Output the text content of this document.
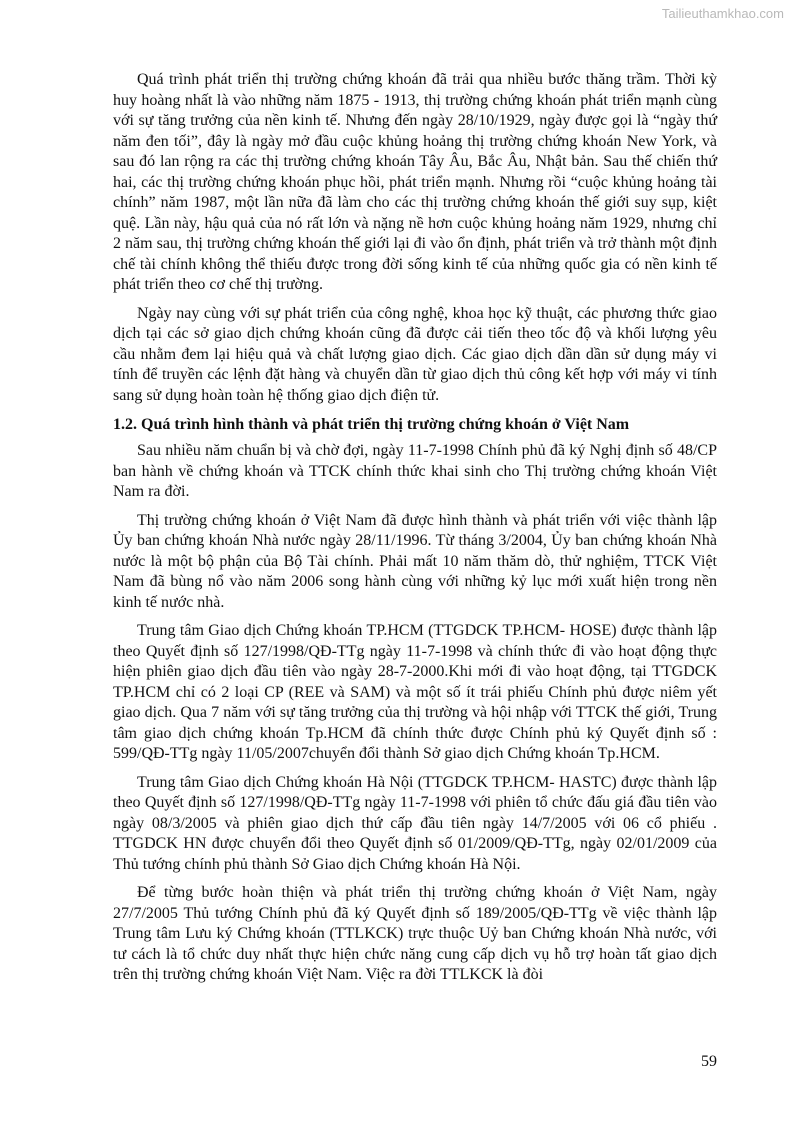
Tailieuthamkhao.com

Quá trình phát triển thị trường chứng khoán đã trải qua nhiều bước thăng trầm. Thời kỳ huy hoàng nhất là vào những năm 1875 - 1913, thị trường chứng khoán phát triển mạnh cùng với sự tăng trưởng của nền kinh tế. Nhưng đến ngày 28/10/1929, ngày được gọi là “ngày thứ năm đen tối”, đây là ngày mở đầu cuộc khủng hoảng thị trường chứng khoán New York, và sau đó lan rộng ra các thị trường chứng khoán Tây Âu, Bắc Âu, Nhật bản. Sau thế chiến thứ hai, các thị trường chứng khoán phục hồi, phát triển mạnh. Nhưng rồi “cuộc khủng hoảng tài chính” năm 1987, một lần nữa đã làm cho các thị trường chứng khoán thế giới suy sụp, kiệt quệ. Lần này, hậu quả của nó rất lớn và nặng nề hơn cuộc khủng hoảng năm 1929, nhưng chỉ 2 năm sau, thị trường chứng khoán thế giới lại đi vào ổn định, phát triển và trở thành một định chế tài chính không thể thiếu được trong đời sống kinh tế của những quốc gia có nền kinh tế phát triển theo cơ chế thị trường.

Ngày nay cùng với sự phát triển của công nghệ, khoa học kỹ thuật, các phương thức giao dịch tại các sở giao dịch chứng khoán cũng đã được cải tiến theo tốc độ và khối lượng yêu cầu nhằm đem lại hiệu quả và chất lượng giao dịch. Các giao dịch dần dần sử dụng máy vi tính để truyền các lệnh đặt hàng và chuyển dần từ giao dịch thủ công kết hợp với máy vi tính sang sử dụng hoàn toàn hệ thống giao dịch điện tử.

1.2. Quá trình hình thành và phát triển thị trường chứng khoán ở Việt Nam

Sau nhiều năm chuẩn bị và chờ đợi, ngày 11-7-1998 Chính phủ đã ký Nghị định số 48/CP ban hành về chứng khoán và TTCK chính thức khai sinh cho Thị trường chứng khoán Việt Nam ra đời.

Thị trường chứng khoán ở Việt Nam đã được hình thành và phát triển với việc thành lập Ủy ban chứng khoán Nhà nước ngày 28/11/1996. Từ tháng 3/2004, Ủy ban chứng khoán Nhà nước là một bộ phận của Bộ Tài chính. Phải mất 10 năm thăm dò, thử nghiệm, TTCK Việt Nam đã bùng nổ vào năm 2006 song hành cùng với những kỷ lục mới xuất hiện trong nền kinh tế nước nhà.

Trung tâm Giao dịch Chứng khoán TP.HCM (TTGDCK TP.HCM- HOSE) được thành lập theo Quyết định số 127/1998/QĐ-TTg ngày 11-7-1998 và chính thức đi vào hoạt động thực hiện phiên giao dịch đầu tiên vào ngày 28-7-2000.Khi mới đi vào hoạt động, tại TTGDCK TP.HCM chỉ có 2 loại CP (REE và SAM) và một số ít trái phiếu Chính phủ được niêm yết giao dịch. Qua 7 năm với sự tăng trưởng của thị trường và hội nhập với TTCK thế giới, Trung tâm giao dịch chứng khoán Tp.HCM đã chính thức được Chính phủ ký Quyết định số : 599/QĐ-TTg ngày 11/05/2007chuyển đổi thành Sở giao dịch Chứng khoán Tp.HCM.

Trung tâm Giao dịch Chứng khoán Hà Nội (TTGDCK TP.HCM- HASTC) được thành lập theo Quyết định số 127/1998/QĐ-TTg ngày 11-7-1998 với phiên tổ chức đấu giá đầu tiên vào ngày 08/3/2005 và phiên giao dịch thứ cấp đầu tiên ngày 14/7/2005 với 06 cổ phiếu . TTGDCK HN được chuyển đổi theo Quyết định số 01/2009/QĐ-TTg, ngày 02/01/2009 của Thủ tướng chính phủ thành Sở Giao dịch Chứng khoán Hà Nội.

Để từng bước hoàn thiện và phát triển thị trường chứng khoán ở Việt Nam, ngày 27/7/2005 Thủ tướng Chính phủ đã ký Quyết định số 189/2005/QĐ-TTg về việc thành lập Trung tâm Lưu ký Chứng khoán (TTLKCK) trực thuộc Uỷ ban Chứng khoán Nhà nước, với tư cách là tổ chức duy nhất thực hiện chức năng cung cấp dịch vụ hỗ trợ hoàn tất giao dịch trên thị trường chứng khoán Việt Nam. Việc ra đời TTLKCK là đòi

59
